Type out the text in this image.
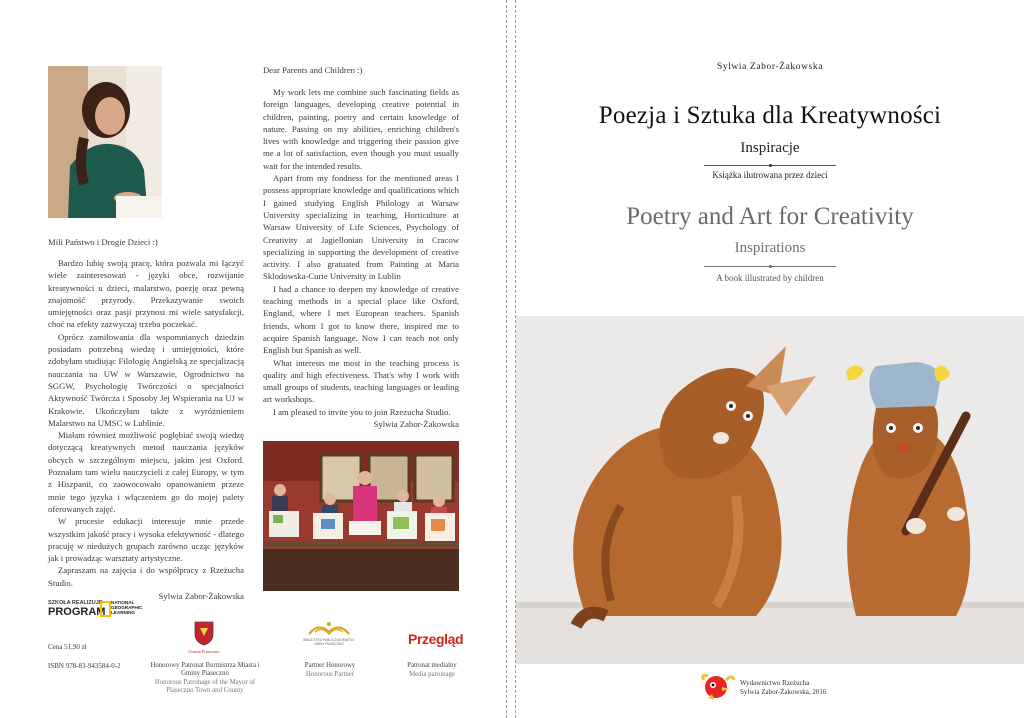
Mili Państwo i Drogie Dzieci :)

Bardzo lubię swoją pracę, która pozwala mi łączyć wiele zainteresowań - języki obce, rozwijanie kreatywności u dzieci, malarstwo, poezję oraz pewną znajomość przyrody. Przekazywanie swoich umiejętności oraz pasji przynosi mi wiele satysfakcji, choć na efekty zazwyczaj trzeba poczekać.

Oprócz zamiłowania dla wspomnianych dziedzin posiadam potrzebną wiedzę i umiejętności, które zdobyłam studiując Filologię Angielską ze specjalizacją nauczania na UW w Warszawie, Ogrodnictwo na SGGW, Psychologię Twórczości o specjalności Aktywność Twórcza i Sposoby Jej Wspierania na UJ w Krakowie. Ukończyłam także z wyróżnieniem Malarstwo na UMSC w Lublinie.

Miałam również możliwość pogłębiać swoją wiedzę dotyczącą kreatywnych metod nauczania języków obcych w szczególnym miejscu, jakim jest Oxford. Poznałam tam wielu nauczycieli z całej Europy, w tym z Hiszpanii, co zaowocowało opanowaniem przeze mnie tego języka i włączeniem go do mojej palety oferowanych zajęć.

W procesie edukacji interesuje mnie przede wszystkim jakość pracy i wysoka efektywność - dlatego pracuję w niedużych grupach zarówno ucząc języków jak i prowadząc warsztaty artystyczne.

Zapraszam na zajęcia i do współpracy z Rzeżucha Studio.

Sylwia Zabor-Żakowska
Dear Parents and Children :)

My work lets me combine such fascinating fields as foreign languages, developing creative potential in children, painting, poetry and certain knowledge of nature. Passing on my abilities, enriching children's lives with knowledge and triggering their passion give me a lot of satisfaction, even though you must usually wait for the intended results.

Apart from my fondness for the mentioned areas I possess appropriate knowledge and qualifications which I gained studying English Philology at Warsaw University specializing in teaching, Horticulture at Warsaw University of Life Sciences, Psychology of Creativity at Jagiellonian University in Cracow specializing in supporting the development of creative activity. I also gratuated from Painting at Maria Sklodowska-Curie University in Lublin

I had a chance to deepen my knowledge of creative teaching methods in a special place like Oxford, England, where I met European teachers. Spanish friends, whom I got to know there, inspired me to acquire Spanish language. Now I can teach not only English but Spanish as well.

What interests me most in the teaching process is quality and high efectiveness. That's why I work with small groups of students, teaching languages or leading art workshops.

I am pleased to invite you to join Rzezucha Studio.

Sylwia Zabor-Żakowska
SZKOŁA REALIZUJE
PROGRAM
NATIONAL
GEOGRAPHIC
LEARNING
Cena 51,90 zł
ISBN 978-83-943584-0-2
Gmina Piaseczno
Honorowy Patronat Burmistrza Miasta i Gminy Piaseczno
Honorous Patronage of the Mayor of Piaseczno Town and County
BIBLIOTEKA PUBLICZNA MIASTA I GMINY PIASECZNO
Partner Honorowy
Honorous Partner
Przegląd
Patronat medialny
Media patronage
Sylwia Zabor-Żakowska
Poezja i Sztuka dla Kreatywności
Inspiracje
Książka ilutrowana przez dzieci
Poetry and Art for Creativity
Inspirations
A book illustrated by children
Wydawnictwo Rzeżucha
Sylwia Zabor-Żakowska, 2016
